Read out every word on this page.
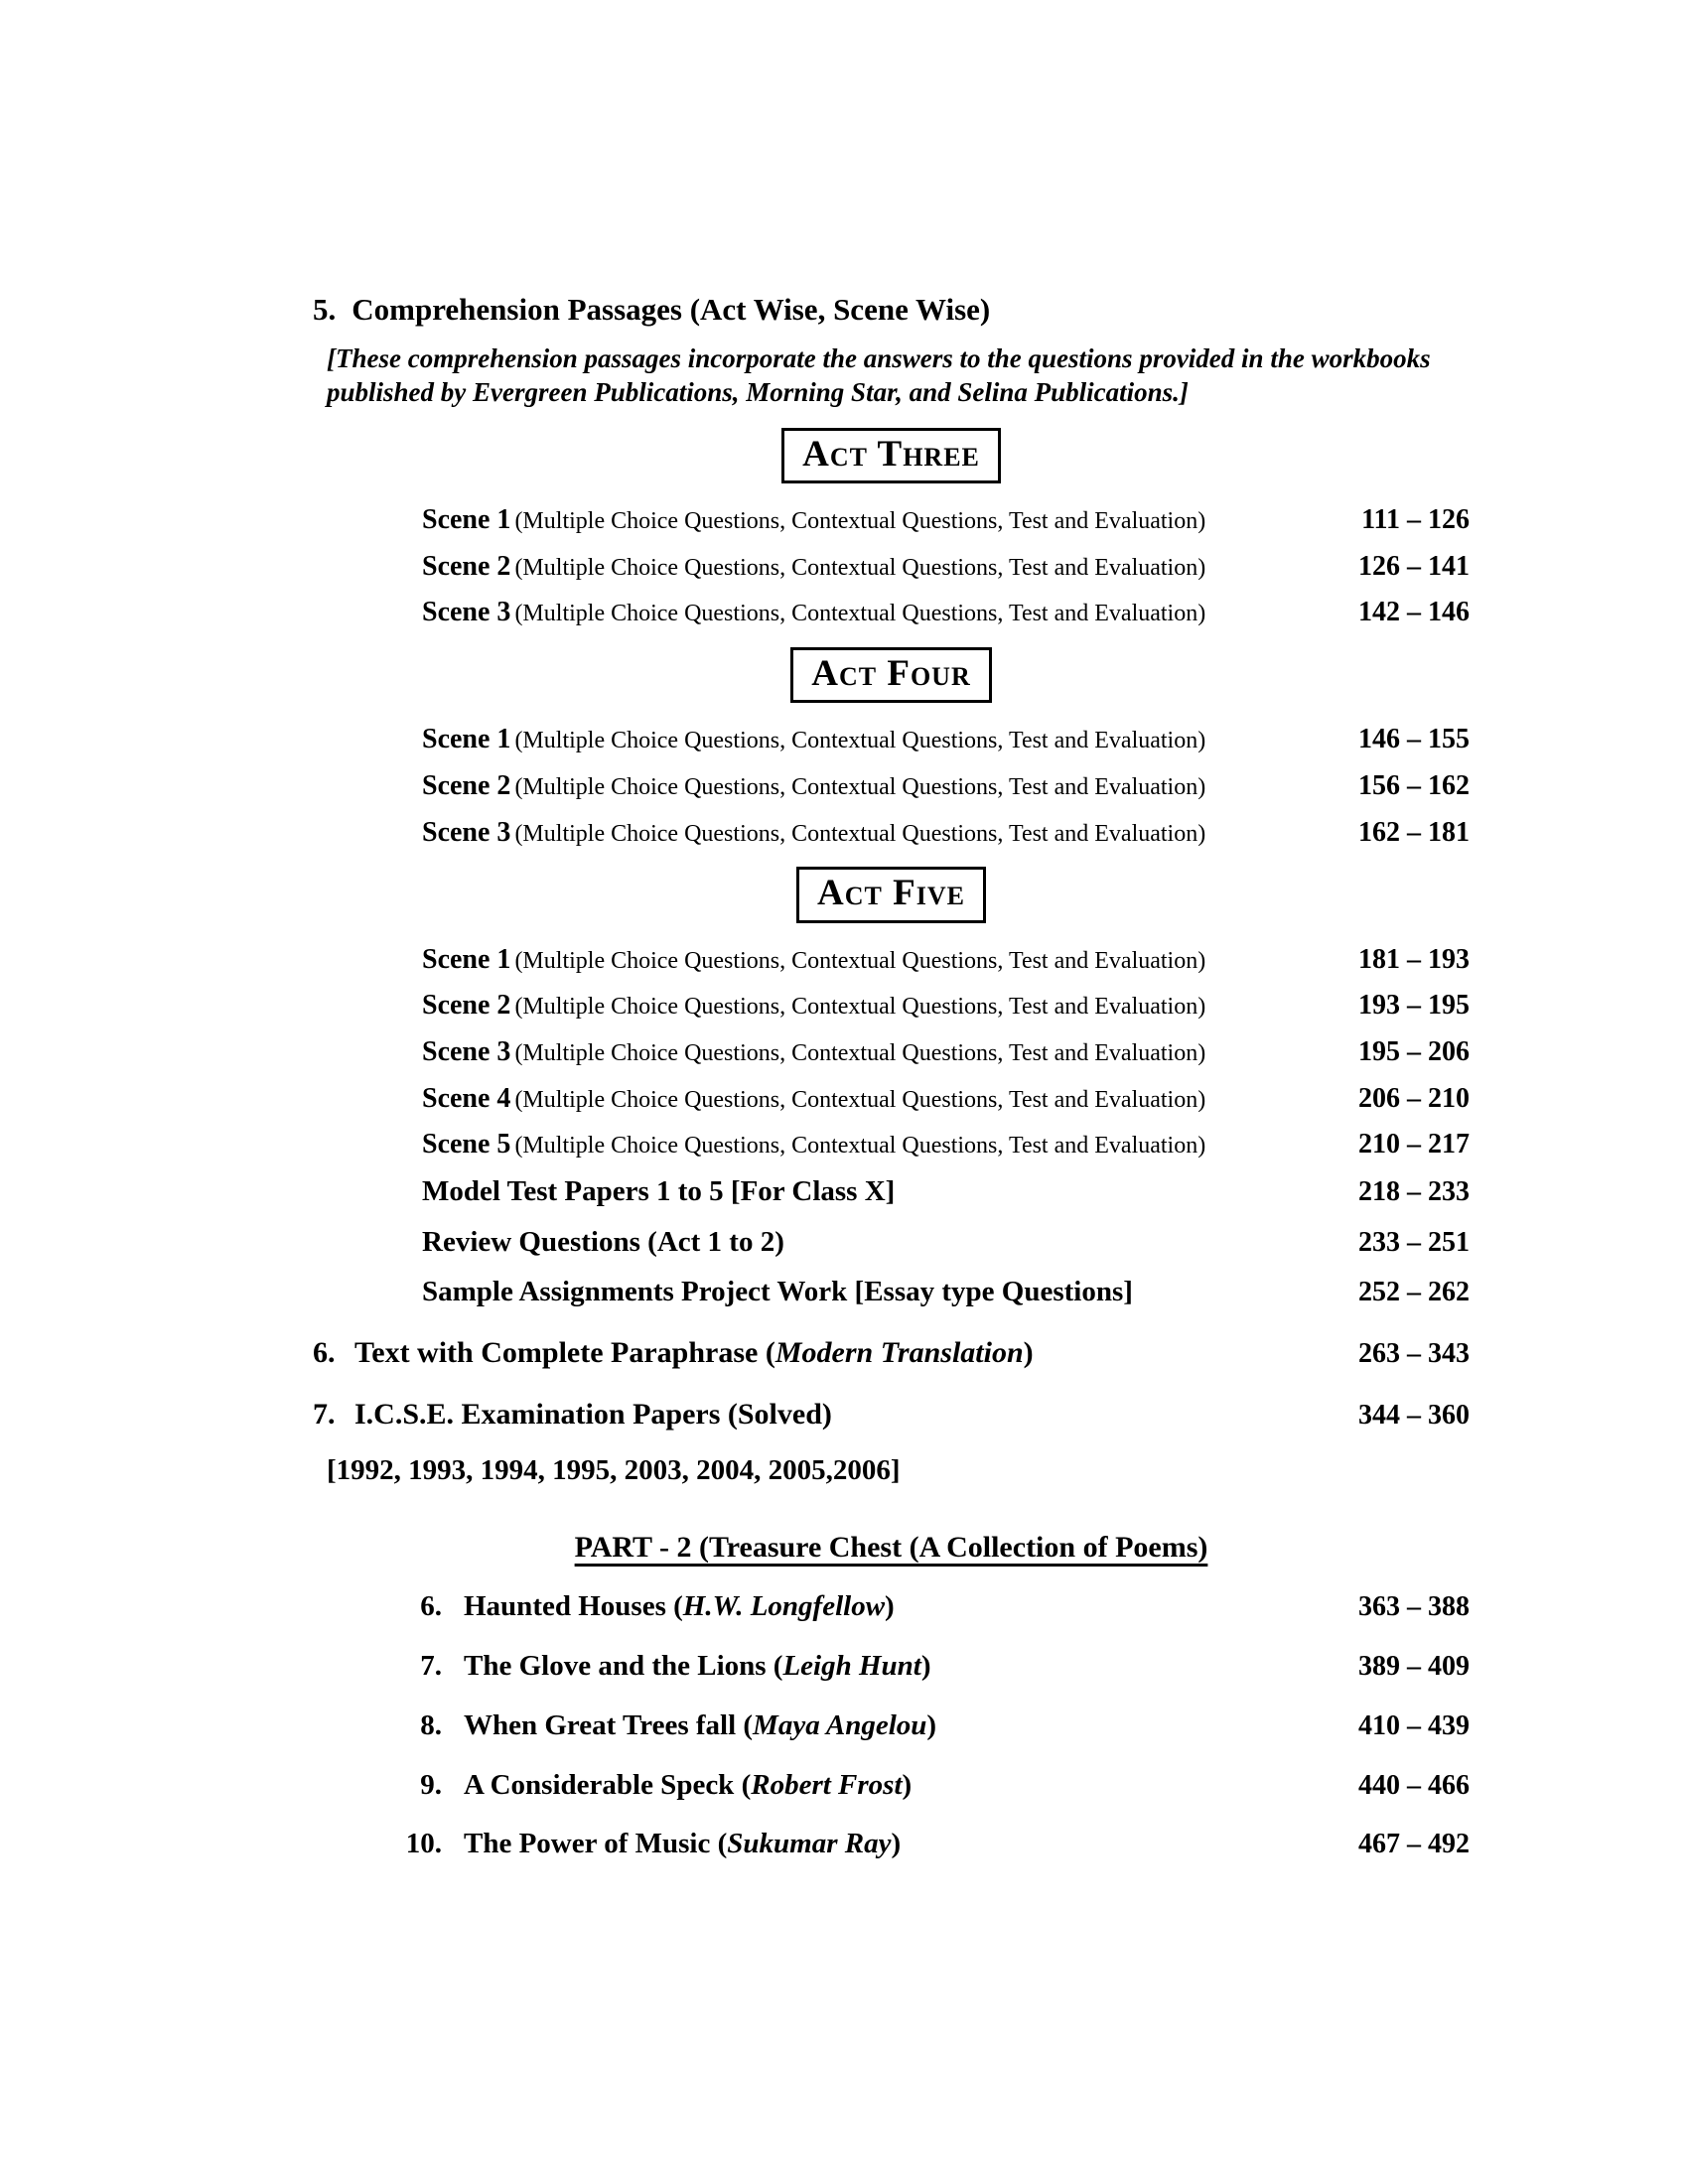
5. Comprehension Passages (Act Wise, Scene Wise)
[These comprehension passages incorporate the answers to the questions provided in the workbooks published by Evergreen Publications, Morning Star, and Selina Publications.]
Act Three
Scene 1 (Multiple Choice Questions, Contextual Questions, Test and Evaluation)	111 – 126
Scene 2 (Multiple Choice Questions, Contextual Questions, Test and Evaluation)	126 – 141
Scene 3 (Multiple Choice Questions, Contextual Questions, Test and Evaluation)	142 – 146
Act Four
Scene 1 (Multiple Choice Questions, Contextual Questions, Test and Evaluation)	146 – 155
Scene 2 (Multiple Choice Questions, Contextual Questions, Test and Evaluation)	156 – 162
Scene 3 (Multiple Choice Questions, Contextual Questions, Test and Evaluation)	162 – 181
Act Five
Scene 1 (Multiple Choice Questions, Contextual Questions, Test and Evaluation)	181 – 193
Scene 2 (Multiple Choice Questions, Contextual Questions, Test and Evaluation)	193 – 195
Scene 3 (Multiple Choice Questions, Contextual Questions, Test and Evaluation)	195 – 206
Scene 4 (Multiple Choice Questions, Contextual Questions, Test and Evaluation)	206 – 210
Scene 5 (Multiple Choice Questions, Contextual Questions, Test and Evaluation)	210 – 217
Model Test Papers 1 to 5 [For Class X]	218 – 233
Review Questions (Act 1 to 2)	233 – 251
Sample Assignments Project Work [Essay type Questions]	252 – 262
6. Text with Complete Paraphrase (Modern Translation)	263 – 343
7. I.C.S.E. Examination Papers (Solved)	344 – 360
[1992, 1993, 1994, 1995, 2003, 2004, 2005,2006]
PART - 2 (Treasure Chest (A Collection of Poems)
6. Haunted Houses (H.W. Longfellow)	363 – 388
7. The Glove and the Lions (Leigh Hunt)	389 – 409
8. When Great Trees fall (Maya Angelou)	410 – 439
9. A Considerable Speck (Robert Frost)	440 – 466
10. The Power of Music (Sukumar Ray)	467 – 492
